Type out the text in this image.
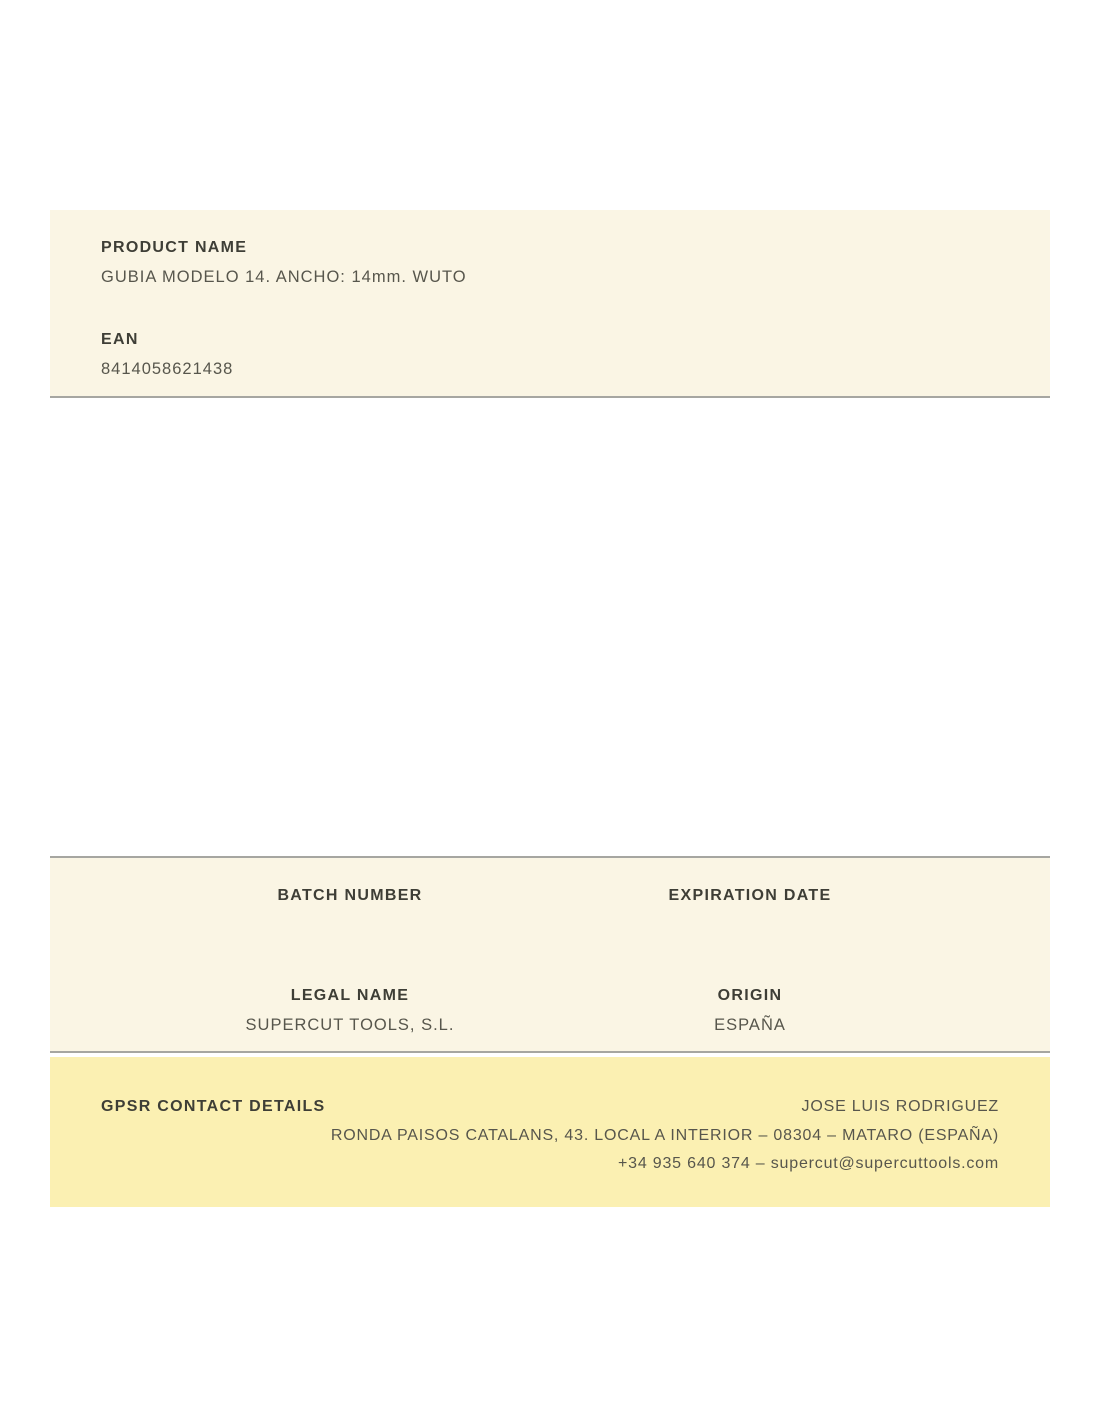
PRODUCT NAME
GUBIA MODELO 14. ANCHO: 14mm. WUTO
EAN
8414058621438
BATCH NUMBER	EXPIRATION DATE
LEGAL NAME
SUPERCUT TOOLS, S.L.
ORIGIN
ESPAÑA
GPSR CONTACT DETAILS	JOSE LUIS RODRIGUEZ
RONDA PAISOS CATALANS, 43. LOCAL A INTERIOR – 08304 – MATARO (ESPAÑA)
+34 935 640 374 – supercut@supercuttools.com
